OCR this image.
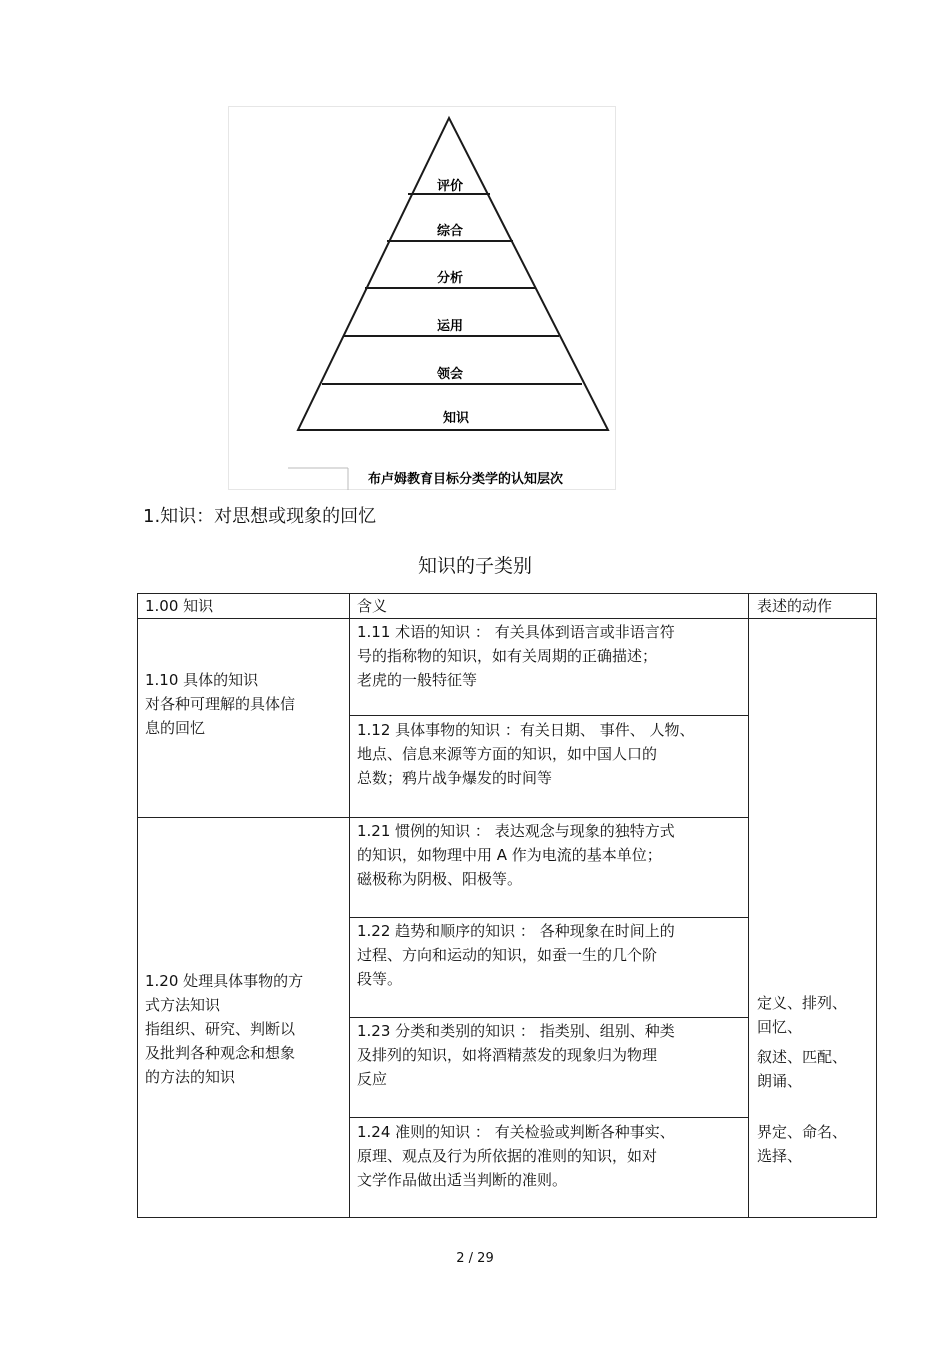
评价
综合
分析
运用
领会
知识
布卢姆教育目标分类学的认知层次
1.知识：对思想或现象的回忆
知识的子类别
1.00 知识	含义	表述的动作
1.10 具体的知识
对各种可理解的具体信
息的回忆
1.11 术语的知识 ： 有关具体到语言或非语言符
号的指称物的知识，如有关周期的正确描述；
老虎的一般特征等
1.12 具体事物的知识 ：有关日期、 事件、 人物、
地点、信息来源等方面的知识，如中国人口的
总数；鸦片战争爆发的时间等
1.20 处理具体事物的方
式方法知识
指组织、研究、判断以
及批判各种观念和想象
的方法的知识
1.21 惯例的知识 ： 表达观念与现象的独特方式
的知识，如物理中用 A 作为电流的基本单位；
磁极称为阴极、阳极等。
1.22 趋势和顺序的知识 ： 各种现象在时间上的
过程、方向和运动的知识，如蚕一生的几个阶
段等。
1.23 分类和类别的知识 ： 指类别、组别、种类
及排列的知识，如将酒精蒸发的现象归为物理
反应
1.24 准则的知识 ： 有关检验或判断各种事实、
原理、观点及行为所依据的准则的知识，如对
文学作品做出适当判断的准则。
定义、排列、
回忆、
叙述、匹配、
朗诵、
界定、命名、
选择、
2 / 29
